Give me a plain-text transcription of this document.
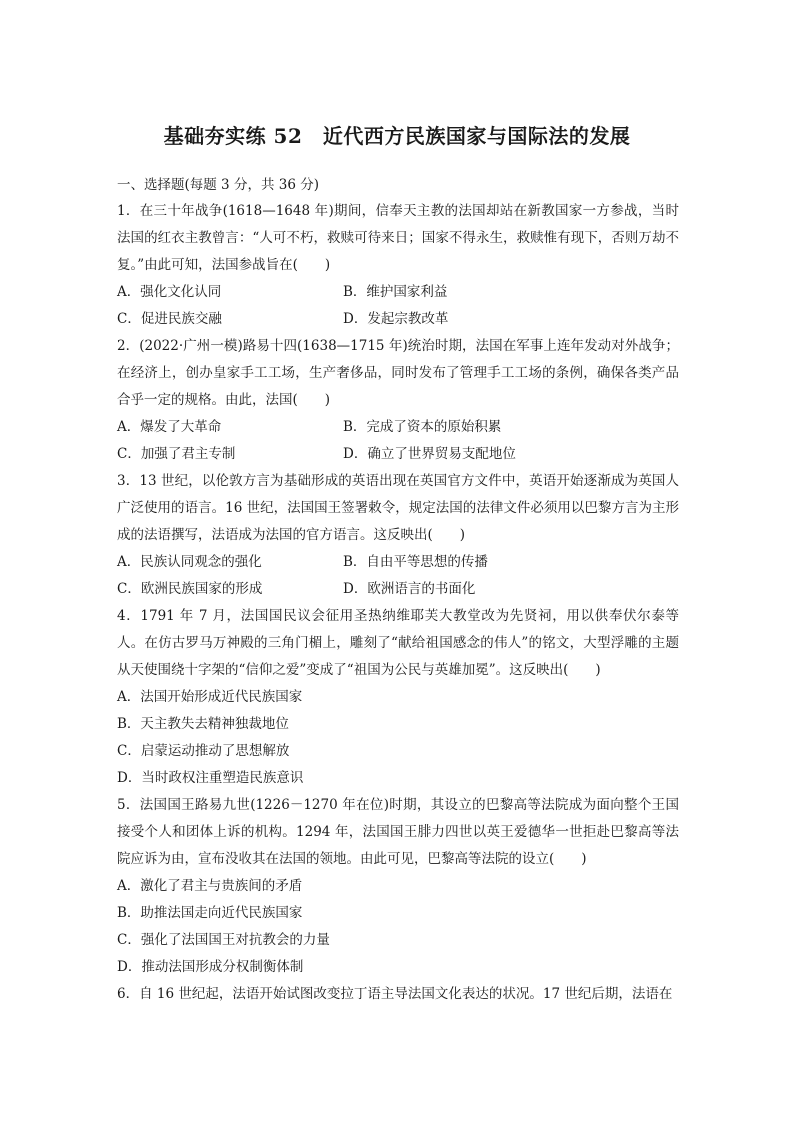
基础夯实练 52　近代西方民族国家与国际法的发展
一、选择题(每题 3 分，共 36 分)

1．在三十年战争(1618—1648 年)期间，信奉天主教的法国却站在新教国家一方参战，当时法国的红衣主教曾言：“人可不朽，救赎可待来日；国家不得永生，救赎惟有现下，否则万劫不复。”由此可知，法国参战旨在(　　)

A．强化文化认同	B．维护国家利益
C．促进民族交融	D．发起宗教改革

2．(2022·广州一模)路易十四(1638—1715 年)统治时期，法国在军事上连年发动对外战争；在经济上，创办皇家手工工场，生产奢侈品，同时发布了管理手工工场的条例，确保各类产品合乎一定的规格。由此，法国(　　)

A．爆发了大革命	B．完成了资本的原始积累
C．加强了君主专制	D．确立了世界贸易支配地位

3．13 世纪，以伦敦方言为基础形成的英语出现在英国官方文件中，英语开始逐渐成为英国人广泛使用的语言。16 世纪，法国国王签署敕令，规定法国的法律文件必须用以巴黎方言为主形成的法语撰写，法语成为法国的官方语言。这反映出(　　)

A．民族认同观念的强化	B．自由平等思想的传播
C．欧洲民族国家的形成	D．欧洲语言的书面化

4．1791 年 7 月，法国国民议会征用圣热纳维耶芙大教堂改为先贤祠，用以供奉伏尔泰等人。在仿古罗马万神殿的三角门楣上，雕刻了“献给祖国感念的伟人”的铭文，大型浮雕的主题从天使围绕十字架的“信仰之爱”变成了“祖国为公民与英雄加冕”。这反映出(　　)

A．法国开始形成近代民族国家
B．天主教失去精神独裁地位
C．启蒙运动推动了思想解放
D．当时政权注重塑造民族意识

5．法国国王路易九世(1226－1270 年在位)时期，其设立的巴黎高等法院成为面向整个王国接受个人和团体上诉的机构。1294 年，法国国王腓力四世以英王爱德华一世拒赴巴黎高等法院应诉为由，宣布没收其在法国的领地。由此可见，巴黎高等法院的设立(　　)

A．激化了君主与贵族间的矛盾
B．助推法国走向近代民族国家
C．强化了法国国王对抗教会的力量
D．推动法国形成分权制衡体制

6．自 16 世纪起，法语开始试图改变拉丁语主导法国文化表达的状况。17 世纪后期，法语在
